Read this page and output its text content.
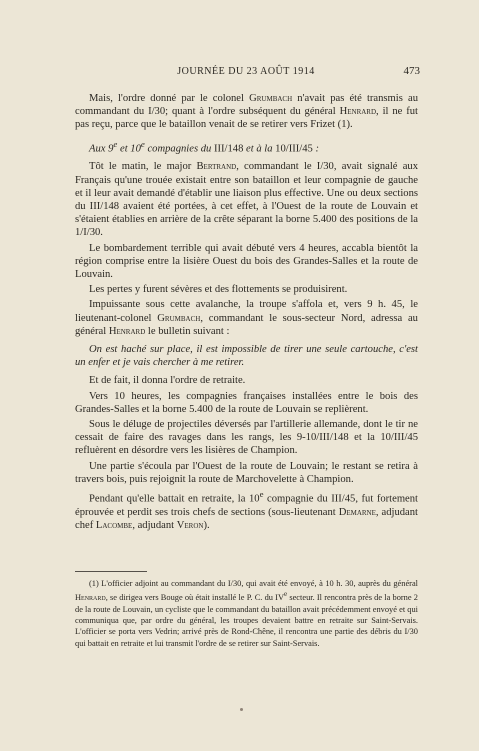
JOURNÉE DU 23 AOÛT 1914	473

Mais, l'ordre donné par le colonel Grumbach n'avait pas été transmis au commandant du I/30; quant à l'ordre subséquent du général Henrard, il ne fut pas reçu, parce que le bataillon venait de se retirer vers Frizet (1).

Aux 9e et 10e compagnies du III/148 et à la 10/III/45 :

Tôt le matin, le major Bertrand, commandant le I/30, avait signalé aux Français qu'une trouée existait entre son bataillon et leur compagnie de gauche et il leur avait demandé d'établir une liaison plus effective. Une ou deux sections du III/148 avaient été portées, à cet effet, à l'Ouest de la route de Louvain et s'étaient établies en arrière de la crête séparant la borne 5.400 des positions de la 1/I/30.

Le bombardement terrible qui avait débuté vers 4 heures, accabla bientôt la région comprise entre la lisière Ouest du bois des Grandes-Salles et la route de Louvain.

Les pertes y furent sévères et des flottements se produisirent.

Impuissante sous cette avalanche, la troupe s'affola et, vers 9 h. 45, le lieutenant-colonel Grumbach, commandant le sous-secteur Nord, adressa au général Henrard le bulletin suivant :

On est haché sur place, il est impossible de tirer une seule cartouche, c'est un enfer et je vais chercher à me retirer.

Et de fait, il donna l'ordre de retraite.

Vers 10 heures, les compagnies françaises installées entre le bois des Grandes-Salles et la borne 5.400 de la route de Louvain se replièrent.

Sous le déluge de projectiles déversés par l'artillerie allemande, dont le tir ne cessait de faire des ravages dans les rangs, les 9-10/III/148 et la 10/III/45 refluèrent en désordre vers les lisières de Champion.

Une partie s'écoula par l'Ouest de la route de Louvain; le restant se retira à travers bois, puis rejoignit la route de Marchovelette à Champion.

Pendant qu'elle battait en retraite, la 10e compagnie du III/45, fut fortement éprouvée et perdit ses trois chefs de sections (sous-lieutenant Demarne, adjudant chef Lacombe, adjudant Veron).

(1) L'officier adjoint au commandant du I/30, qui avait été envoyé, à 10 h. 30, auprès du général Henrard, se dirigea vers Bouge où était installé le P. C. du IVe secteur. Il rencontra près de la borne 2 de la route de Louvain, un cycliste que le commandant du bataillon avait précédemment envoyé et qui communiqua que, par ordre du général, les troupes devaient battre en retraite sur Saint-Servais. L'officier se porta vers Vedrin; arrivé près de Rond-Chêne, il rencontra une partie des débris du I/30 qui battait en retraite et lui transmit l'ordre de se retirer sur Saint-Servais.
